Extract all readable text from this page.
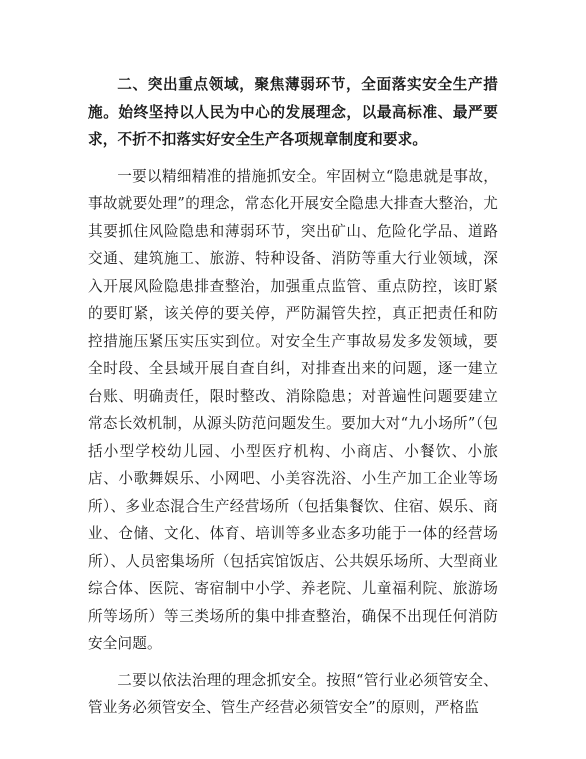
二、突出重点领域，聚焦薄弱环节，全面落实安全生产措施。始终坚持以人民为中心的发展理念，以最高标准、最严要求，不折不扣落实好安全生产各项规章制度和要求。

一要以精细精准的措施抓安全。牢固树立“隐患就是事故，事故就要处理”的理念，常态化开展安全隐患大排查大整治，尤其要抓住风险隐患和薄弱环节，突出矿山、危险化学品、道路交通、建筑施工、旅游、特种设备、消防等重大行业领域，深入开展风险隐患排查整治，加强重点监管、重点防控，该盯紧的要盯紧，该关停的要关停，严防漏管失控，真正把责任和防控措施压紧压实压实到位。对安全生产事故易发多发领域，要全时段、全县域开展自查自纠，对排查出来的问题，逐一建立台账、明确责任，限时整改、消除隐患；对普遍性问题要建立常态长效机制，从源头防范问题发生。要加大对“九小场所”（包括小型学校幼儿园、小型医疗机构、小商店、小餐饮、小旅店、小歌舞娱乐、小网吧、小美容洗浴、小生产加工企业等场所）、多业态混合生产经营场所（包括集餐饮、住宿、娱乐、商业、仓储、文化、体育、培训等多业态多功能于一体的经营场所）、人员密集场所（包括宾馆饭店、公共娱乐场所、大型商业综合体、医院、寄宿制中小学、养老院、儿童福利院、旅游场所等场所）等三类场所的集中排查整治，确保不出现任何消防安全问题。

二要以依法治理的理念抓安全。按照“管行业必须管安全、管业务必须管安全、管生产经营必须管安全”的原则，严格监
